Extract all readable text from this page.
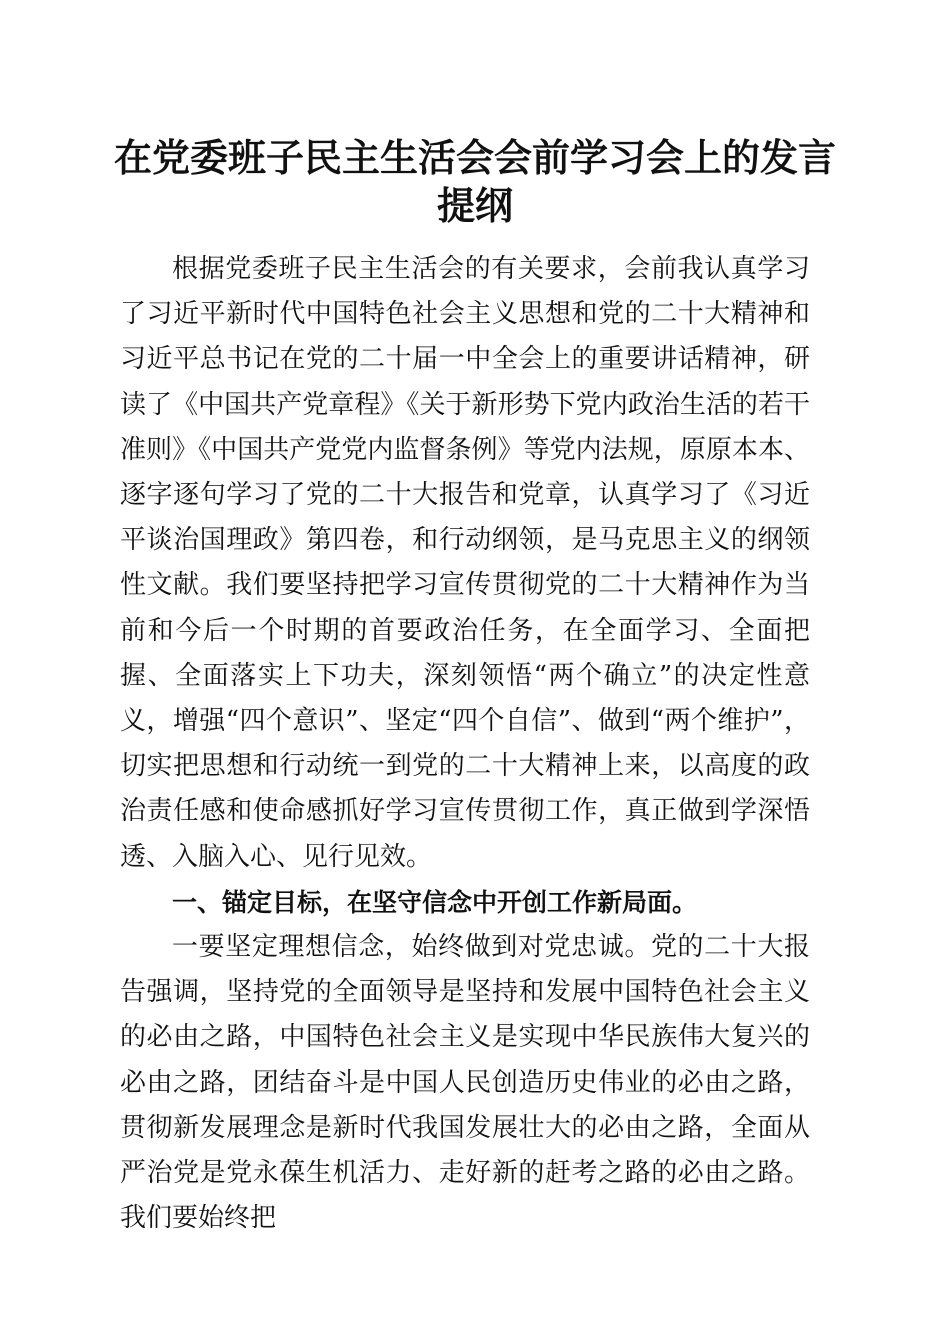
在党委班子民主生活会会前学习会上的发言提纲

根据党委班子民主生活会的有关要求，会前我认真学习了习近平新时代中国特色社会主义思想和党的二十大精神和习近平总书记在党的二十届一中全会上的重要讲话精神，研读了《中国共产党章程》《关于新形势下党内政治生活的若干准则》《中国共产党党内监督条例》等党内法规，原原本本、逐字逐句学习了党的二十大报告和党章，认真学习了《习近平谈治国理政》第四卷，和行动纲领，是马克思主义的纲领性文献。我们要坚持把学习宣传贯彻党的二十大精神作为当前和今后一个时期的首要政治任务，在全面学习、全面把握、全面落实上下功夫，深刻领悟“两个确立”的决定性意义，增强“四个意识”、坚定“四个自信”、做到“两个维护”，切实把思想和行动统一到党的二十大精神上来，以高度的政治责任感和使命感抓好学习宣传贯彻工作，真正做到学深悟透、入脑入心、见行见效。

一、锚定目标，在坚守信念中开创工作新局面。

一要坚定理想信念，始终做到对党忠诚。党的二十大报告强调，坚持党的全面领导是坚持和发展中国特色社会主义的必由之路，中国特色社会主义是实现中华民族伟大复兴的必由之路，团结奋斗是中国人民创造历史伟业的必由之路，贯彻新发展理念是新时代我国发展壮大的必由之路，全面从严治党是党永葆生机活力、走好新的赶考之路的必由之路。我们要始终把
